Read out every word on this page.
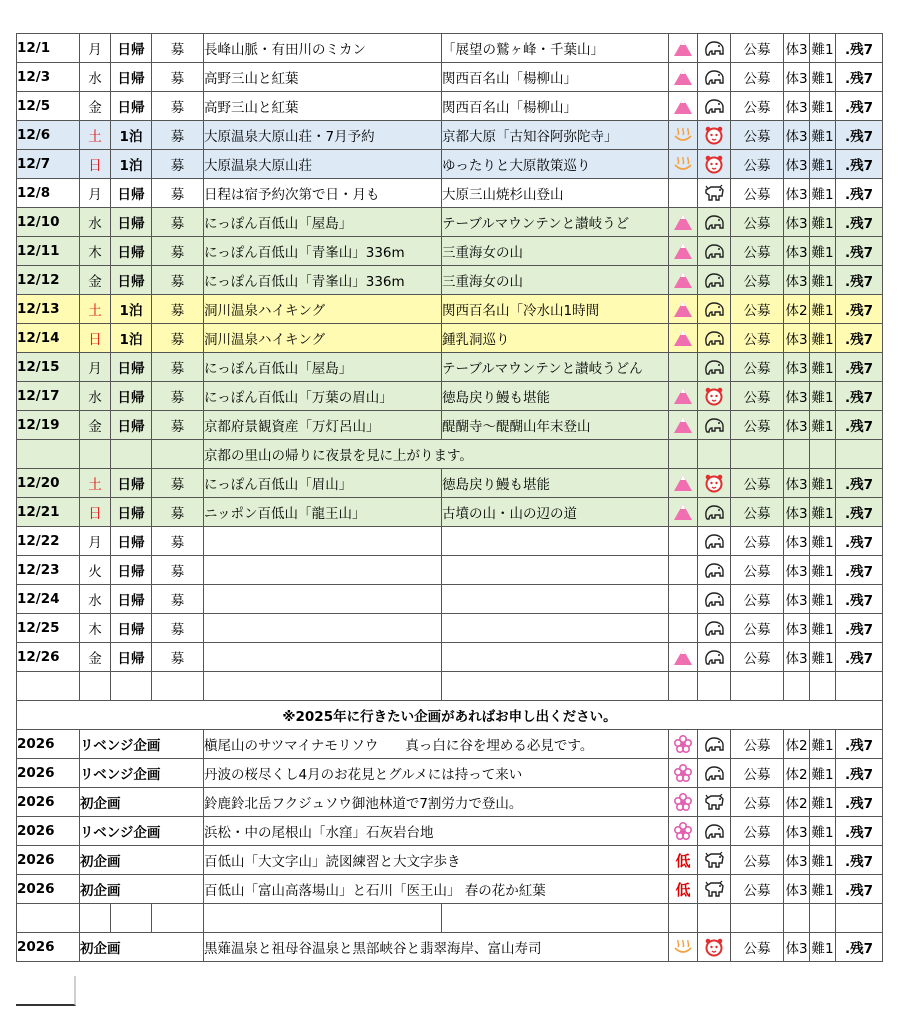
12/1	月	日帰	募	長峰山脈・有田川のミカン	「展望の鷲ヶ峰・千葉山」			公募	体3	難1	.残7
12/3	水	日帰	募	高野三山と紅葉	関西百名山「楊柳山」			公募	体3	難1	.残7
12/5	金	日帰	募	高野三山と紅葉	関西百名山「楊柳山」			公募	体3	難1	.残7
12/6	土	1泊	募	大原温泉大原山荘・7月予約	京都大原「古知谷阿弥陀寺」			公募	体3	難1	.残7
12/7	日	1泊	募	大原温泉大原山荘	ゆったりと大原散策巡り			公募	体3	難1	.残7
12/8	月	日帰	募	日程は宿予約次第で日・月も	大原三山焼杉山登山			公募	体3	難1	.残7
12/10	水	日帰	募	にっぽん百低山「屋島」	テーブルマウンテンと讃岐うど			公募	体3	難1	.残7
12/11	木	日帰	募	にっぽん百低山「青峯山」336m	三重海女の山			公募	体3	難1	.残7
12/12	金	日帰	募	にっぽん百低山「青峯山」336m	三重海女の山			公募	体3	難1	.残7
12/13	土	1泊	募	洞川温泉ハイキング	関西百名山「冷水山1時間			公募	体2	難1	.残7
12/14	日	1泊	募	洞川温泉ハイキング	鍾乳洞巡り			公募	体3	難1	.残7
12/15	月	日帰	募	にっぽん百低山「屋島」	テーブルマウンテンと讃岐うどん			公募	体3	難1	.残7
12/17	水	日帰	募	にっぽん百低山「万葉の眉山」	徳島戻り鰻も堪能			公募	体3	難1	.残7
12/19	金	日帰	募	京都府景観資産「万灯呂山」	醍醐寺～醍醐山年末登山			公募	体3	難1	.残7
				京都の里山の帰りに夜景を見に上がります。							
12/20	土	日帰	募	にっぽん百低山「眉山」	徳島戻り鰻も堪能			公募	体3	難1	.残7
12/21	日	日帰	募	ニッポン百低山「龍王山」	古墳の山・山の辺の道			公募	体3	難1	.残7
12/22	月	日帰	募					公募	体3	難1	.残7
12/23	火	日帰	募					公募	体3	難1	.残7
12/24	水	日帰	募					公募	体3	難1	.残7
12/25	木	日帰	募					公募	体3	難1	.残7
12/26	金	日帰	募					公募	体3	難1	.残7

※2025年に行きたい企画があればお申し出ください。											
2026	リベンジ企画			槇尾山のサツマイナモリソウ　　真っ白に谷を埋める必見です。				公募	体2	難1	.残7
2026	リベンジ企画			丹波の桜尽くし4月のお花見とグルメには持って来い				公募	体2	難1	.残7
2026	初企画			鈴鹿鈴北岳フクジュソウ御池林道で7割労力で登山。				公募	体2	難1	.残7
2026	リベンジ企画			浜松・中の尾根山「水窪」石灰岩台地				公募	体3	難1	.残7
2026	初企画			百低山「大文字山」読図練習と大文字歩き		低		公募	体3	難1	.残7
2026	初企画			百低山「富山高落場山」と石川「医王山」 春の花か紅葉		低		公募	体3	難1	.残7

2026	初企画			黒薙温泉と祖母谷温泉と黒部峡谷と翡翠海岸、富山寿司				公募	体3	難1	.残7
